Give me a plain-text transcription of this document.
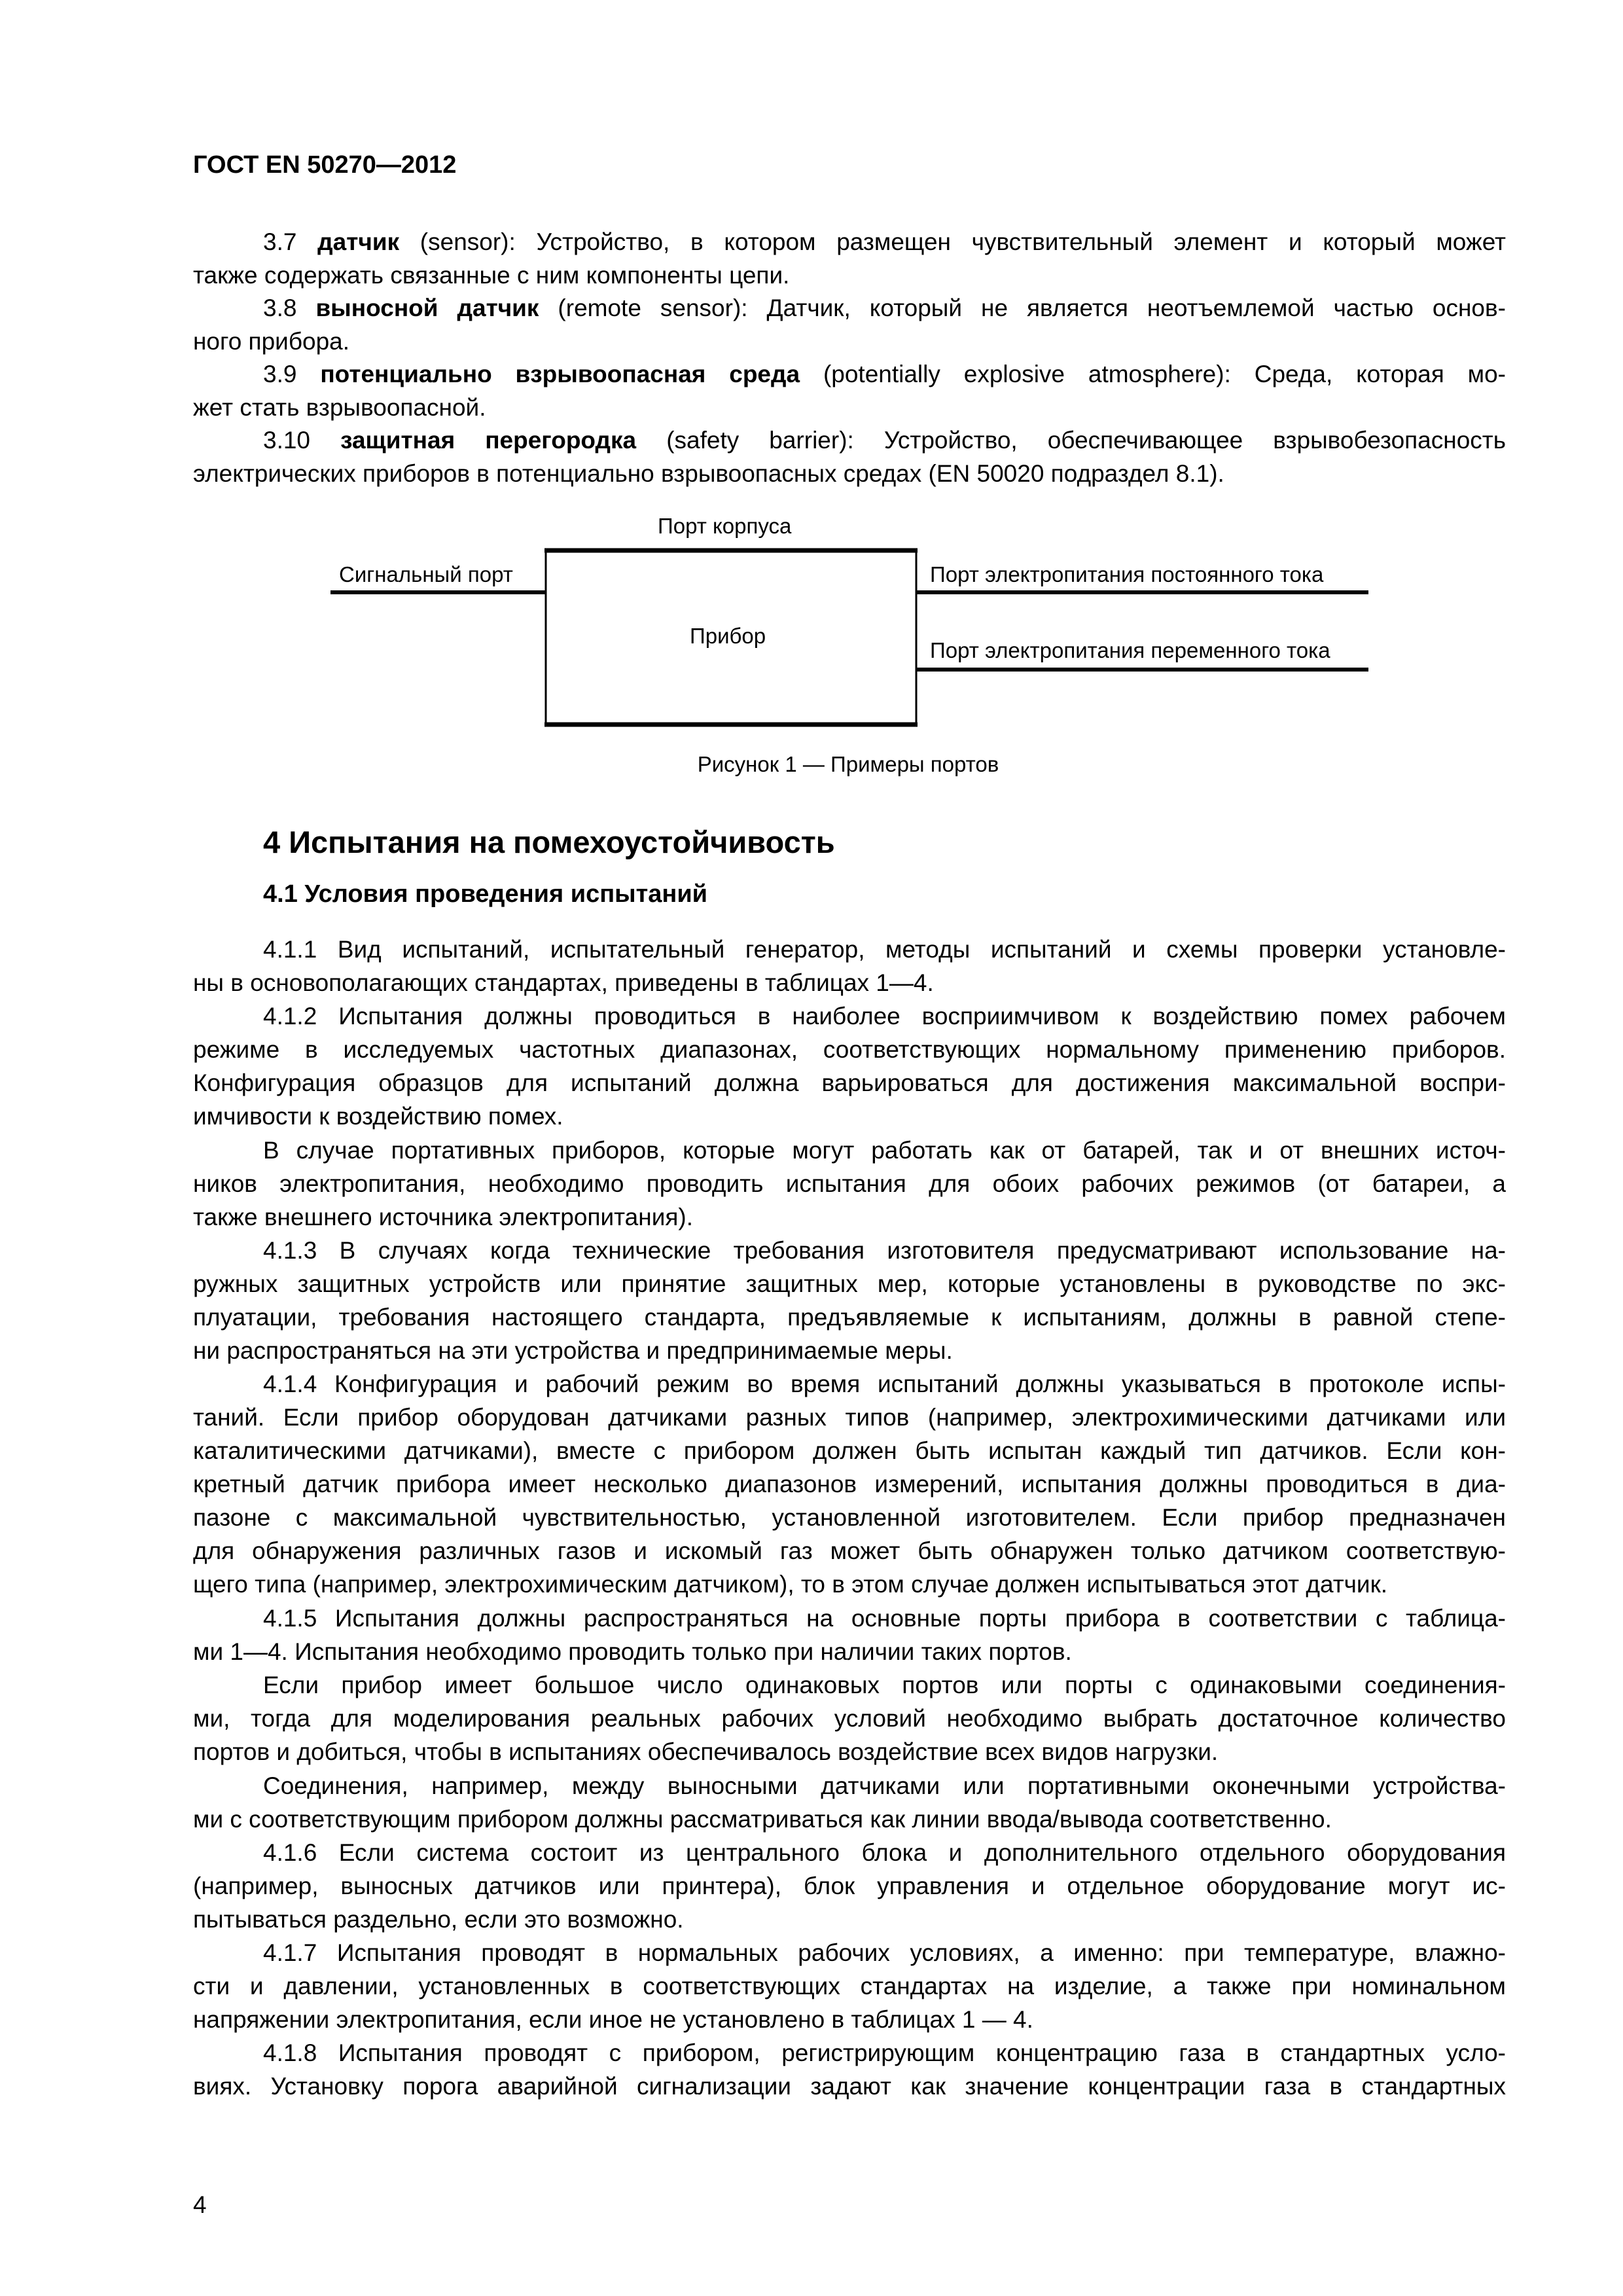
ГОСТ EN 50270—2012
3.7 датчик (sensor): Устройство, в котором размещен чувствительный элемент и который может
также содержать связанные с ним компоненты цепи.
3.8 выносной датчик (remote sensor): Датчик, который не является неотъемлемой частью основ-
ного прибора.
3.9 потенциально взрывоопасная среда (potentially explosive atmosphere): Среда, которая мо-
жет стать взрывоопасной.
3.10 защитная перегородка (safety barrier): Устройство, обеспечивающее взрывобезопасность
электрических приборов в потенциально взрывоопасных средах (EN 50020 подраздел 8.1).
Порт корпуса
Сигнальный порт
Прибор
Порт электропитания постоянного тока
Порт электропитания переменного тока
Рисунок 1 — Примеры портов
4 Испытания на помехоустойчивость
4.1 Условия проведения испытаний
4.1.1 Вид испытаний, испытательный генератор, методы испытаний и схемы проверки установле-
ны в основополагающих стандартах, приведены в таблицах 1—4.
4.1.2 Испытания должны проводиться в наиболее восприимчивом к воздействию помех рабочем
режиме в исследуемых частотных диапазонах, соответствующих нормальному применению приборов.
Конфигурация образцов для испытаний должна варьироваться для достижения максимальной воспри-
имчивости к воздействию помех.
В случае портативных приборов, которые могут работать как от батарей, так и от внешних источ-
ников электропитания, необходимо проводить испытания для обоих рабочих режимов (от батареи, а
также внешнего источника электропитания).
4.1.3 В случаях когда технические требования изготовителя предусматривают использование на-
ружных защитных устройств или принятие защитных мер, которые установлены в руководстве по экс-
плуатации, требования настоящего стандарта, предъявляемые к испытаниям, должны в равной степе-
ни распространяться на эти устройства и предпринимаемые меры.
4.1.4 Конфигурация и рабочий режим во время испытаний должны указываться в протоколе испы-
таний. Если прибор оборудован датчиками разных типов (например, электрохимическими датчиками или
каталитическими датчиками), вместе с прибором должен быть испытан каждый тип датчиков. Если кон-
кретный датчик прибора имеет несколько диапазонов измерений, испытания должны проводиться в диа-
пазоне с максимальной чувствительностью, установленной изготовителем. Если прибор предназначен
для обнаружения различных газов и искомый газ может быть обнаружен только датчиком соответствую-
щего типа (например, электрохимическим датчиком), то в этом случае должен испытываться этот датчик.
4.1.5 Испытания должны распространяться на основные порты прибора в соответствии с таблица-
ми 1—4. Испытания необходимо проводить только при наличии таких портов.
Если прибор имеет большое число одинаковых портов или порты с одинаковыми соединения-
ми, тогда для моделирования реальных рабочих условий необходимо выбрать достаточное количество
портов и добиться, чтобы в испытаниях обеспечивалось воздействие всех видов нагрузки.
Соединения, например, между выносными датчиками или портативными оконечными устройства-
ми с соответствующим прибором должны рассматриваться как линии ввода/вывода соответственно.
4.1.6 Если система состоит из центрального блока и дополнительного отдельного оборудования
(например, выносных датчиков или принтера), блок управления и отдельное оборудование могут ис-
пытываться раздельно, если это возможно.
4.1.7 Испытания проводят в нормальных рабочих условиях, а именно: при температуре, влажно-
сти и давлении, установленных в соответствующих стандартах на изделие, а также при номинальном
напряжении электропитания, если иное не установлено в таблицах 1 — 4.
4.1.8 Испытания проводят с прибором, регистрирующим концентрацию газа в стандартных усло-
виях. Установку порога аварийной сигнализации задают как значение концентрации газа в стандартных
4
